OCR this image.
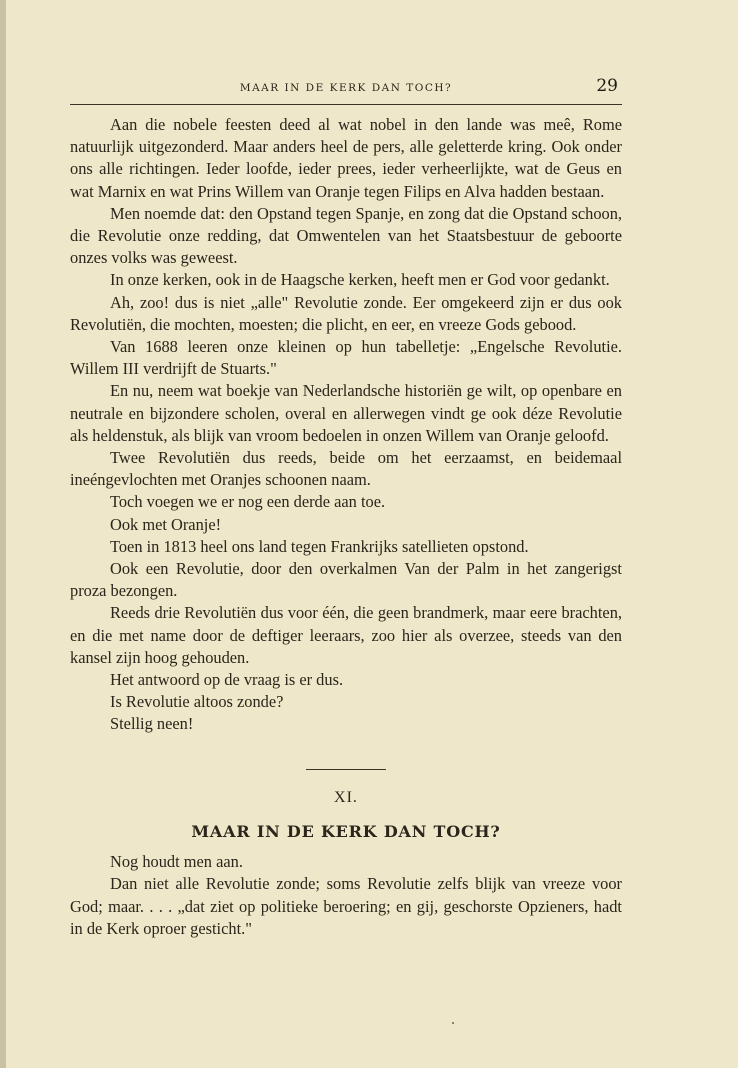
MAAR IN DE KERK DAN TOCH?	29

Aan die nobele feesten deed al wat nobel in den lande was meê, Rome natuurlijk uitgezonderd. Maar anders heel de pers, alle geletterde kring. Ook onder ons alle richtingen. Ieder loofde, ieder prees, ieder verheerlijkte, wat de Geus en wat Marnix en wat Prins Willem van Oranje tegen Filips en Alva hadden bestaan.

Men noemde dat: den Opstand tegen Spanje, en zong dat die Opstand schoon, die Revolutie onze redding, dat Omwentelen van het Staatsbestuur de geboorte onzes volks was geweest.

In onze kerken, ook in de Haagsche kerken, heeft men er God voor gedankt.

Ah, zoo! dus is niet „alle" Revolutie zonde. Eer omgekeerd zijn er dus ook Revolutiën, die mochten, moesten; die plicht, en eer, en vreeze Gods gebood.

Van 1688 leeren onze kleinen op hun tabelletje: „Engelsche Revolutie. Willem III verdrijft de Stuarts."

En nu, neem wat boekje van Nederlandsche historiën ge wilt, op openbare en neutrale en bijzondere scholen, overal en allerwegen vindt ge ook déze Revolutie als heldenstuk, als blijk van vroom bedoelen in onzen Willem van Oranje geloofd.

Twee Revolutiën dus reeds, beide om het eerzaamst, en beidemaal ineéngevlochten met Oranjes schoonen naam.

Toch voegen we er nog een derde aan toe.

Ook met Oranje!

Toen in 1813 heel ons land tegen Frankrijks satellieten opstond.

Ook een Revolutie, door den overkalmen Van der Palm in het zangerigst proza bezongen.

Reeds drie Revolutiën dus voor één, die geen brandmerk, maar eere brachten, en die met name door de deftiger leeraars, zoo hier als overzee, steeds van den kansel zijn hoog gehouden.

Het antwoord op de vraag is er dus.

Is Revolutie altoos zonde?

Stellig neen!

XI.
MAAR IN DE KERK DAN TOCH?

Nog houdt men aan.

Dan niet alle Revolutie zonde; soms Revolutie zelfs blijk van vreeze voor God; maar. . . . „dat ziet op politieke beroering; en gij, geschorste Opzieners, hadt in de Kerk oproer gesticht."
